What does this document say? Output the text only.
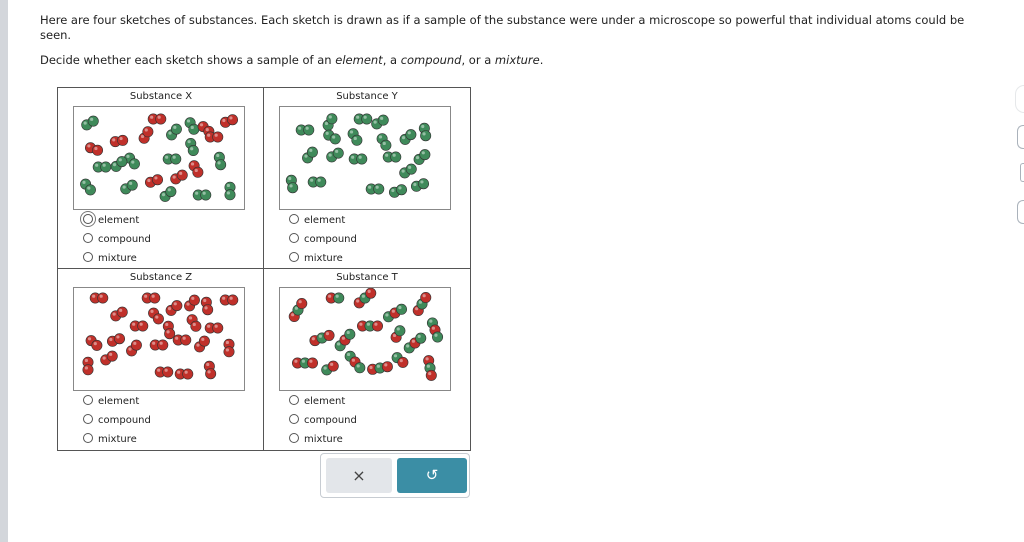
Here are four sketches of substances. Each sketch is drawn as if a sample of the substance were under a microscope so powerful that individual atoms could be seen.
Decide whether each sketch shows a sample of an element, a compound, or a mixture.
Substance X
element
compound
mixture
Substance Y
element
compound
mixture
Substance Z
element
compound
mixture
Substance T
element
compound
mixture
×	↺
